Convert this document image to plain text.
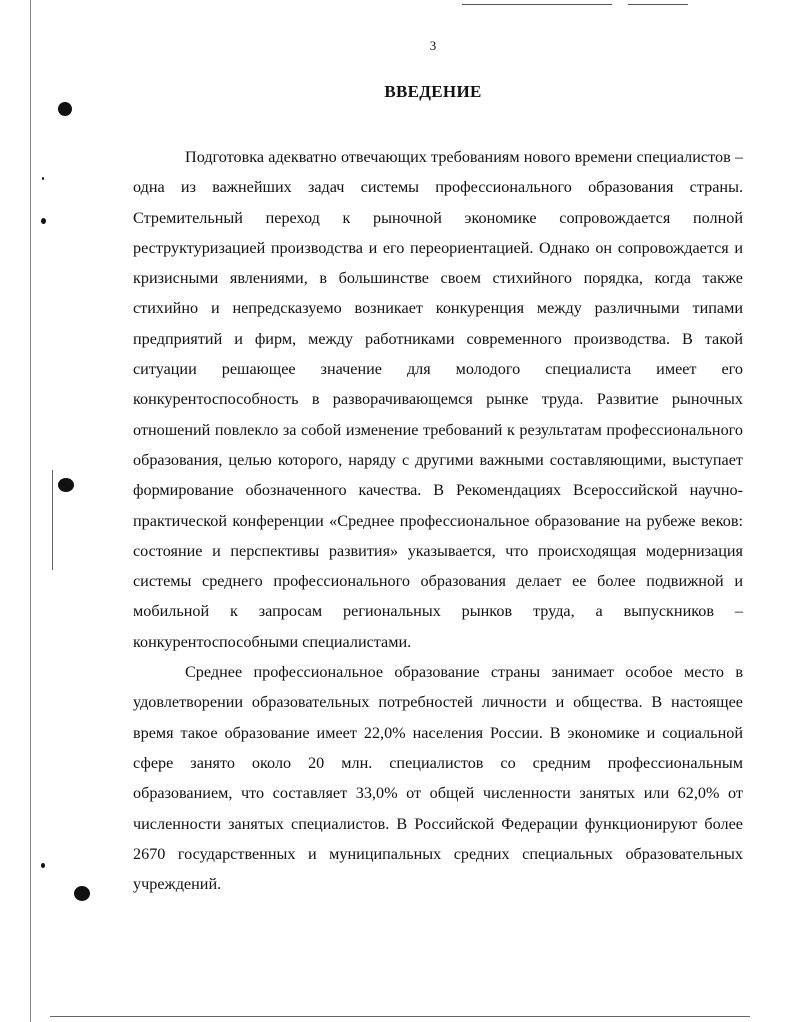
3
ВВЕДЕНИЕ

Подготовка адекватно отвечающих требованиям нового времени специалистов – одна из важнейших задач системы профессионального образования страны. Стремительный переход к рыночной экономике сопровождается полной реструктуризацией производства и его переориентацией. Однако он сопровождается и кризисными явлениями, в большинстве своем стихийного порядка, когда также стихийно и непредсказуемо возникает конкуренция между различными типами предприятий и фирм, между работниками современного производства. В такой ситуации решающее значение для молодого специалиста имеет его конкурентоспособность в разворачивающемся рынке труда. Развитие рыночных отношений повлекло за собой изменение требований к результатам профессионального образования, целью которого, наряду с другими важными составляющими, выступает формирование обозначенного качества. В Рекомендациях Всероссийской научно-практической конференции «Среднее профессиональное образование на рубеже веков: состояние и перспективы развития» указывается, что происходящая модернизация системы среднего профессионального образования делает ее более подвижной и мобильной к запросам региональных рынков труда, а выпускников –конкурентоспособными специалистами.

Среднее профессиональное образование страны занимает особое место в удовлетворении образовательных потребностей личности и общества. В настоящее время такое образование имеет 22,0% населения России. В экономике и социальной сфере занято около 20 млн. специалистов со средним профессиональным образованием, что составляет 33,0% от общей численности занятых или 62,0% от численности занятых специалистов. В Российской Федерации функционируют более 2670 государственных и муниципальных средних специальных образовательных учреждений.
